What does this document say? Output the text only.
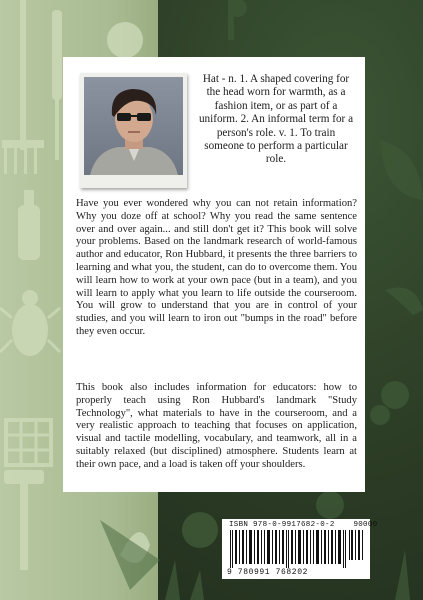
Hat - n. 1. A shaped covering for the head worn for warmth, as a fashion item, or as part of a uniform. 2. An informal term for a person's role. v. 1. To train someone to perform a particular role.

Have you ever wondered why you can not retain information? Why you doze off at school? Why you read the same sentence over and over again... and still don't get it? This book will solve your problems. Based on the landmark research of world-famous author and educator, Ron Hubbard, it presents the three barriers to learning and what you, the student, can do to overcome them. You will learn how to work at your own pace (but in a team), and you will learn to apply what you learn to life outside the courseroom. You will grow to understand that you are in control of your studies, and you will learn to iron out "bumps in the road" before they even occur.

This book also includes information for educators: how to properly teach using Ron Hubbard's landmark "Study Technology", what materials to have in the courseroom, and a very realistic approach to teaching that focuses on application, visual and tactile modelling, vocabulary, and teamwork, all in a suitably relaxed (but disciplined) atmosphere. Students learn at their own pace, and a load is taken off your shoulders.

ISBN 978-0-9917682-0-2	90000
9 780991 768202
